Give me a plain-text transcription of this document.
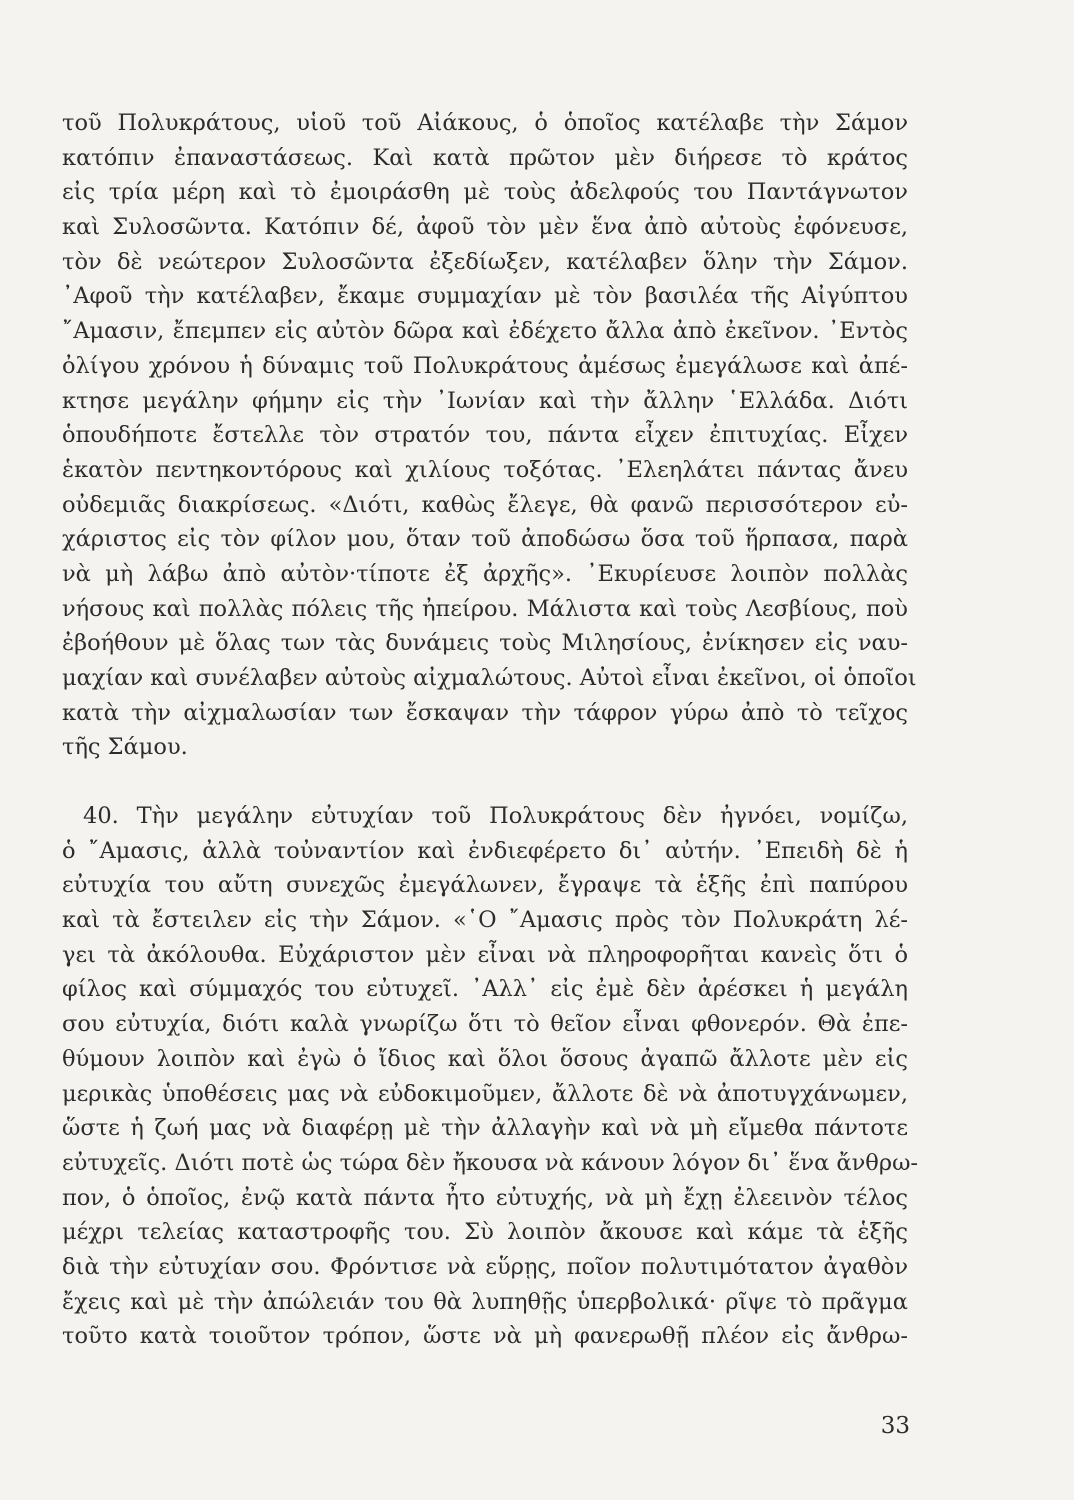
τοῦ Πολυκράτους, υἱοῦ τοῦ Αἰάκους, ὁ ὁποῖος κατέλαβε τὴν Σάμον
κατόπιν ἐπαναστάσεως. Καὶ κατὰ πρῶτον μὲν διήρεσε τὸ κράτος
εἰς τρία μέρη καὶ τὸ ἐμοιράσθη μὲ τοὺς ἀδελφούς του Παντάγνωτον
καὶ Συλοσῶντα. Κατόπιν δέ, ἀφοῦ τὸν μὲν ἕνα ἀπὸ αὐτοὺς ἐφόνευσε,
τὸν δὲ νεώτερον Συλοσῶντα ἐξεδίωξεν, κατέλαβεν ὅλην τὴν Σάμον.
᾿Αφοῦ τὴν κατέλαβεν, ἔκαμε συμμαχίαν μὲ τὸν βασιλέα τῆς Αἰγύπτου
῎Αμασιν, ἔπεμπεν εἰς αὐτὸν δῶρα καὶ ἐδέχετο ἄλλα ἀπὸ ἐκεῖνον. ᾿Εντὸς
ὀλίγου χρόνου ἡ δύναμις τοῦ Πολυκράτους ἀμέσως ἐμεγάλωσε καὶ ἀπέ-
κτησε μεγάλην φήμην εἰς τὴν ᾿Ιωνίαν καὶ τὴν ἄλλην ῾Ελλάδα. Διότι
ὁπουδήποτε ἔστελλε τὸν στρατόν του, πάντα εἶχεν ἐπιτυχίας. Εἶχεν
ἑκατὸν πεντηκοντόρους καὶ χιλίους τοξότας. ᾿Ελεηλάτει πάντας ἄνευ
οὐδεμιᾶς διακρίσεως. «Διότι, καθὼς ἔλεγε, θὰ φανῶ περισσότερον εὐ-
χάριστος εἰς τὸν φίλον μου, ὅταν τοῦ ἀποδώσω ὅσα τοῦ ἥρπασα, παρὰ
νὰ μὴ λάβω ἀπὸ αὐτὸν·τίποτε ἐξ ἀρχῆς». ᾿Εκυρίευσε λοιπὸν πολλὰς
νήσους καὶ πολλὰς πόλεις τῆς ἠπείρου. Μάλιστα καὶ τοὺς Λεσβίους, ποὺ
ἐβοήθουν μὲ ὅλας των τὰς δυνάμεις τοὺς Μιλησίους, ἐνίκησεν εἰς ναυ-
μαχίαν καὶ συνέλαβεν αὐτοὺς αἰχμαλώτους. Αὐτοὶ εἶναι ἐκεῖνοι, οἱ ὁποῖοι
κατὰ τὴν αἰχμαλωσίαν των ἔσκαψαν τὴν τάφρον γύρω ἀπὸ τὸ τεῖχος
τῆς Σάμου.
40. Τὴν μεγάλην εὐτυχίαν τοῦ Πολυκράτους δὲν ἠγνόει, νομίζω,
ὁ ῎Αμασις, ἀλλὰ τοὐναντίον καὶ ἐνδιεφέρετο δι᾿ αὐτήν. ᾿Επειδὴ δὲ ἡ
εὐτυχία του αὔτη συνεχῶς ἐμεγάλωνεν, ἔγραψε τὰ ἑξῆς ἐπὶ παπύρου
καὶ τὰ ἔστειλεν εἰς τὴν Σάμον. «῾Ο ῎Αμασις πρὸς τὸν Πολυκράτη λέ-
γει τὰ ἀκόλουθα. Εὐχάριστον μὲν εἶναι νὰ πληροφορῆται κανεὶς ὅτι ὁ
φίλος καὶ σύμμαχός του εὐτυχεῖ. ᾿Αλλ᾿ εἰς ἐμὲ δὲν ἀρέσκει ἡ μεγάλη
σου εὐτυχία, διότι καλὰ γνωρίζω ὅτι τὸ θεῖον εἶναι φθονερόν. Θὰ ἐπε-
θύμουν λοιπὸν καὶ ἐγὼ ὁ ἴδιος καὶ ὅλοι ὅσους ἀγαπῶ ἄλλοτε μὲν εἰς
μερικὰς ὑποθέσεις μας νὰ εὐδοκιμοῦμεν, ἄλλοτε δὲ νὰ ἀποτυγχάνωμεν,
ὥστε ἡ ζωή μας νὰ διαφέρῃ μὲ τὴν ἀλλαγὴν καὶ νὰ μὴ εἴμεθα πάντοτε
εὐτυχεῖς. Διότι ποτὲ ὡς τώρα δὲν ἤκουσα νὰ κάνουν λόγον δι᾿ ἕνα ἄνθρω-
πον, ὁ ὁποῖος, ἐνῷ κατὰ πάντα ἦτο εὐτυχής, νὰ μὴ ἔχῃ ἐλεεινὸν τέλος
μέχρι τελείας καταστροφῆς του. Σὺ λοιπὸν ἄκουσε καὶ κάμε τὰ ἑξῆς
διὰ τὴν εὐτυχίαν σου. Φρόντισε νὰ εὕρῃς, ποῖον πολυτιμότατον ἀγαθὸν
ἔχεις καὶ μὲ τὴν ἀπώλειάν του θὰ λυπηθῇς ὑπερβολικά· ρῖψε τὸ πρᾶγμα
τοῦτο κατὰ τοιοῦτον τρόπον, ὥστε νὰ μὴ φανερωθῇ πλέον εἰς ἄνθρω-
33
